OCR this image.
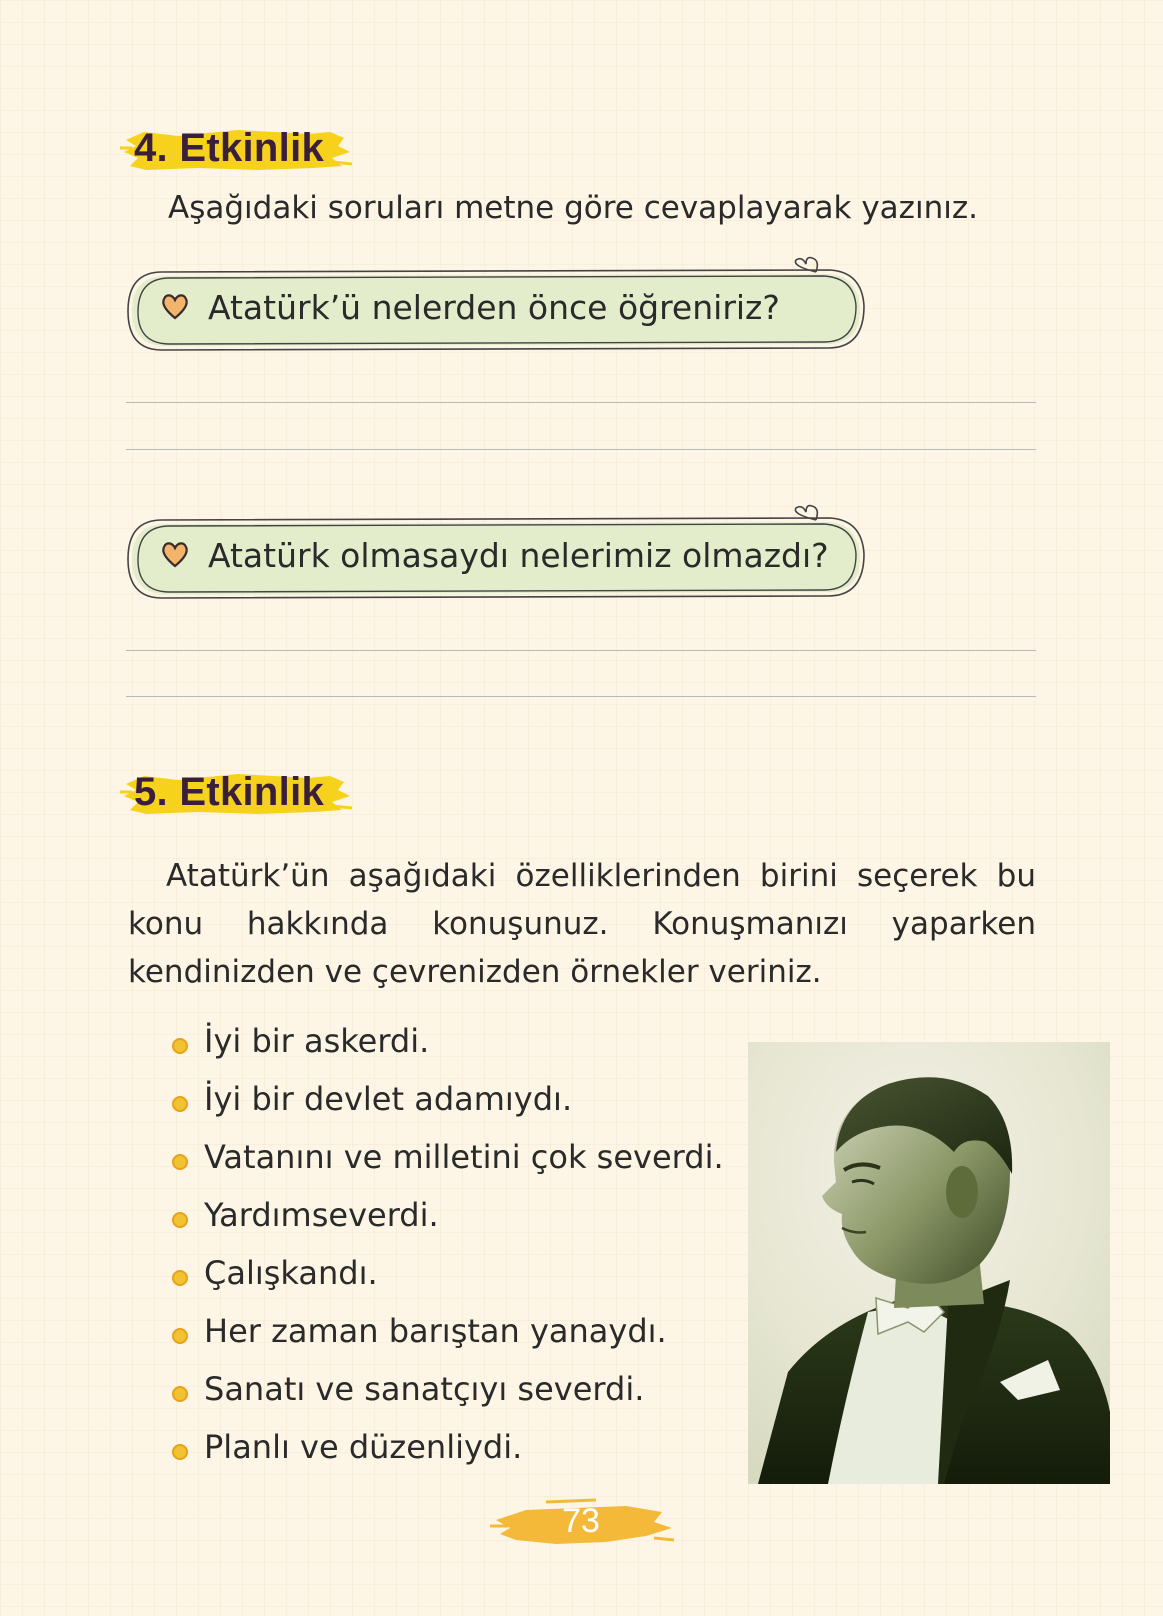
4. Etkinlik
Aşağıdaki soruları metne göre cevaplayarak yazınız.
Atatürk’ü nelerden önce öğreniriz?
Atatürk olmasaydı nelerimiz olmazdı?
5. Etkinlik
Atatürk’ün aşağıdaki özelliklerinden birini seçerek bu konu hakkında konuşunuz. Konuşmanızı yaparken kendinizden ve çevrenizden örnekler veriniz.
İyi bir askerdi.
İyi bir devlet adamıydı.
Vatanını ve milletini çok severdi.
Yardımseverdi.
Çalışkandı.
Her zaman barıştan yanaydı.
Sanatı ve sanatçıyı severdi.
Planlı ve düzenliydi.
73
